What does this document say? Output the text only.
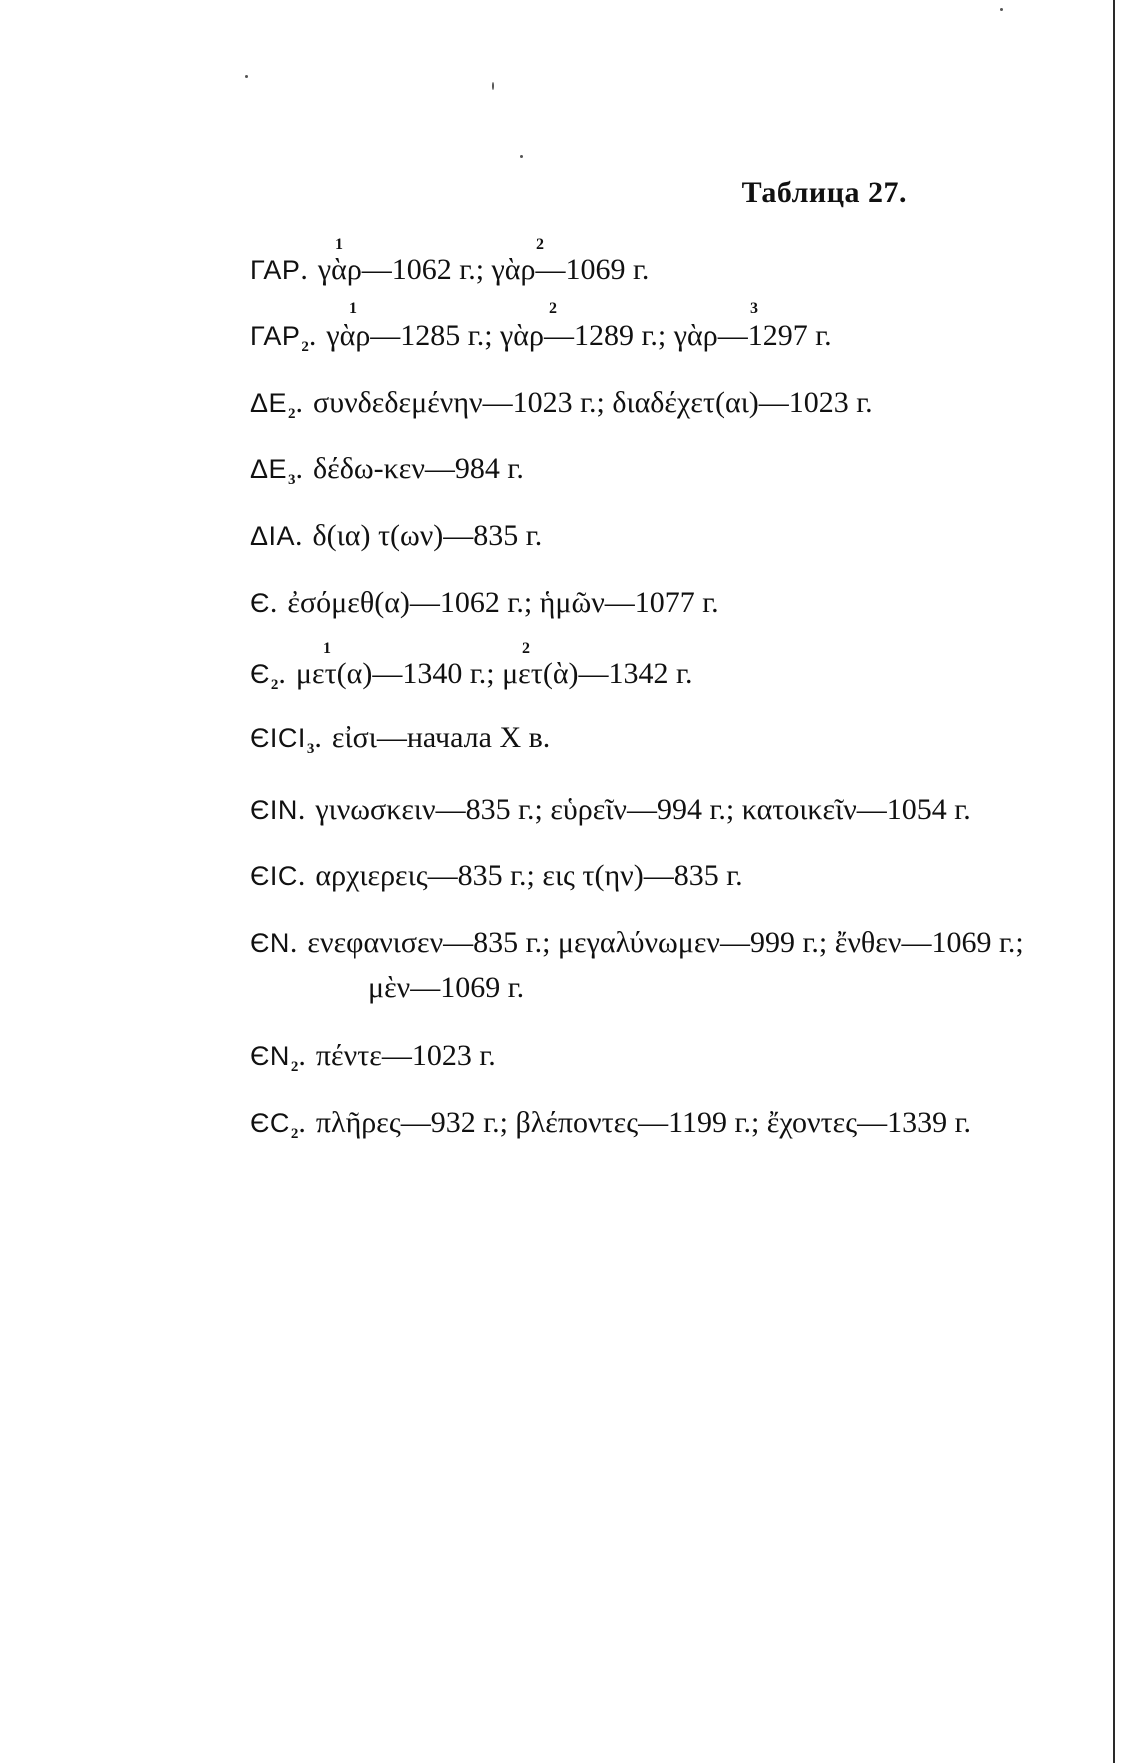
Таблица 27.
1	2
1	2	3
1	2
ГАР. γὰρ—1062 г.; γὰρ—1069 г.
$ГАР_2$. γὰρ—1285 г.; γὰρ—1289 г.; γὰρ—1297 г.
$\Delta E_2$. συνδεδεμένην—1023 г.; διαδέχετ(αι)—1023 г.
$\Delta E_3$. δέδω-κεν—984 г.
ΔΙΑ. δ(ια) τ(ων)—835 г.
Є. ἐσόμεθ(α)—1062 г.; ἡμῶν—1077 г.
$Є_2$. μετ(α)—1340 г.; μετ(ὰ)—1342 г.
$ЄІСІ_3$. εἰσι—начала X в.
ЄІN. γινωσκειν—835 г.; εὑρεῖν—994 г.; κατοικεῖν—1054 г.
ЄІС. αρχιερεις—835 г.; εις τ(ην)—835 г.
ЄN. ενεφανισεν—835 г.; μεγαλύνωμεν—999 г.; ἔνθεν—1069 г.;
μὲν—1069 г.
$ЄN_2$. πέντε—1023 г.
$ЄС_2$. πλῆρες—932 г.; βλέποντες—1199 г.; ἔχοντες—1339 г.
